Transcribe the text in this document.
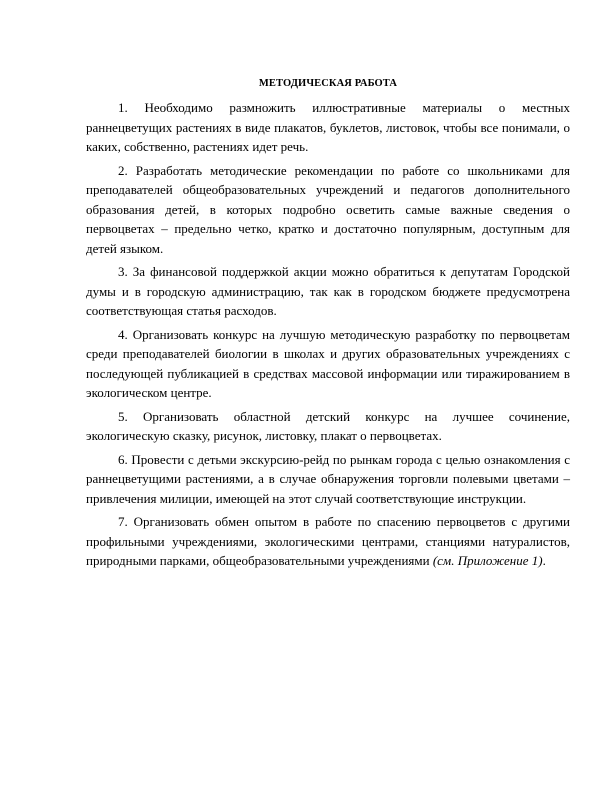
МЕТОДИЧЕСКАЯ РАБОТА

1. Необходимо размножить иллюстративные материалы о местных раннецветущих растениях в виде плакатов, буклетов, листовок, чтобы все понимали, о каких, собственно, растениях идет речь.

2. Разработать методические рекомендации по работе со школьниками для преподавателей общеобразовательных учреждений и педагогов дополнительного образования детей, в которых подробно осветить самые важные сведения о первоцветах – предельно четко, кратко и достаточно популярным, доступным для детей языком.

3. За финансовой поддержкой акции можно обратиться к депутатам Городской думы и в городскую администрацию, так как в городском бюджете предусмотрена соответствующая статья расходов.

4. Организовать конкурс на лучшую методическую разработку по первоцветам среди преподавателей биологии в школах и других образовательных учреждениях с последующей публикацией в средствах массовой информации или тиражированием в экологическом центре.

5. Организовать областной детский конкурс на лучшее сочинение, экологическую сказку, рисунок, листовку, плакат о первоцветах.

6. Провести с детьми экскурсию-рейд по рынкам города с целью ознакомления с раннецветущими растениями, а в случае обнаружения торговли полевыми цветами – привлечения милиции, имеющей на этот случай соответствующие инструкции.

7. Организовать обмен опытом в работе по спасению первоцветов с другими профильными учреждениями, экологическими центрами, станциями натуралистов, природными парками, общеобразовательными учреждениями (см. Приложение 1).
